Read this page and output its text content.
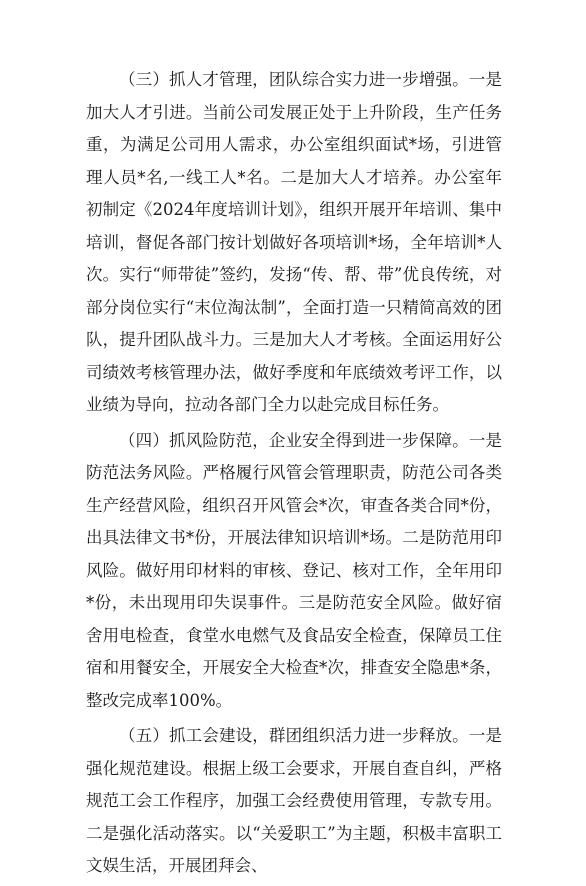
（三）抓人才管理，团队综合实力进一步增强。一是加大人才引进。当前公司发展正处于上升阶段，生产任务重，为满足公司用人需求，办公室组织面试*场，引进管理人员*名,一线工人*名。二是加大人才培养。办公室年初制定《2024年度培训计划》，组织开展开年培训、集中培训，督促各部门按计划做好各项培训*场，全年培训*人次。实行“师带徒”签约，发扬“传、帮、带”优良传统，对部分岗位实行“末位淘汰制”，全面打造一只精简高效的团队，提升团队战斗力。三是加大人才考核。全面运用好公司绩效考核管理办法，做好季度和年底绩效考评工作，以业绩为导向，拉动各部门全力以赴完成目标任务。

（四）抓风险防范，企业安全得到进一步保障。一是防范法务风险。严格履行风管会管理职责，防范公司各类生产经营风险，组织召开风管会*次，审查各类合同*份，出具法律文书*份，开展法律知识培训*场。二是防范用印风险。做好用印材料的审核、登记、核对工作，全年用印*份，未出现用印失误事件。三是防范安全风险。做好宿舍用电检查，食堂水电燃气及食品安全检查，保障员工住宿和用餐安全，开展安全大检查*次，排查安全隐患*条，整改完成率100%。

（五）抓工会建设，群团组织活力进一步释放。一是强化规范建设。根据上级工会要求，开展自查自纠，严格规范工会工作程序，加强工会经费使用管理，专款专用。二是强化活动落实。以“关爱职工”为主题，积极丰富职工文娱生活，开展团拜会、
